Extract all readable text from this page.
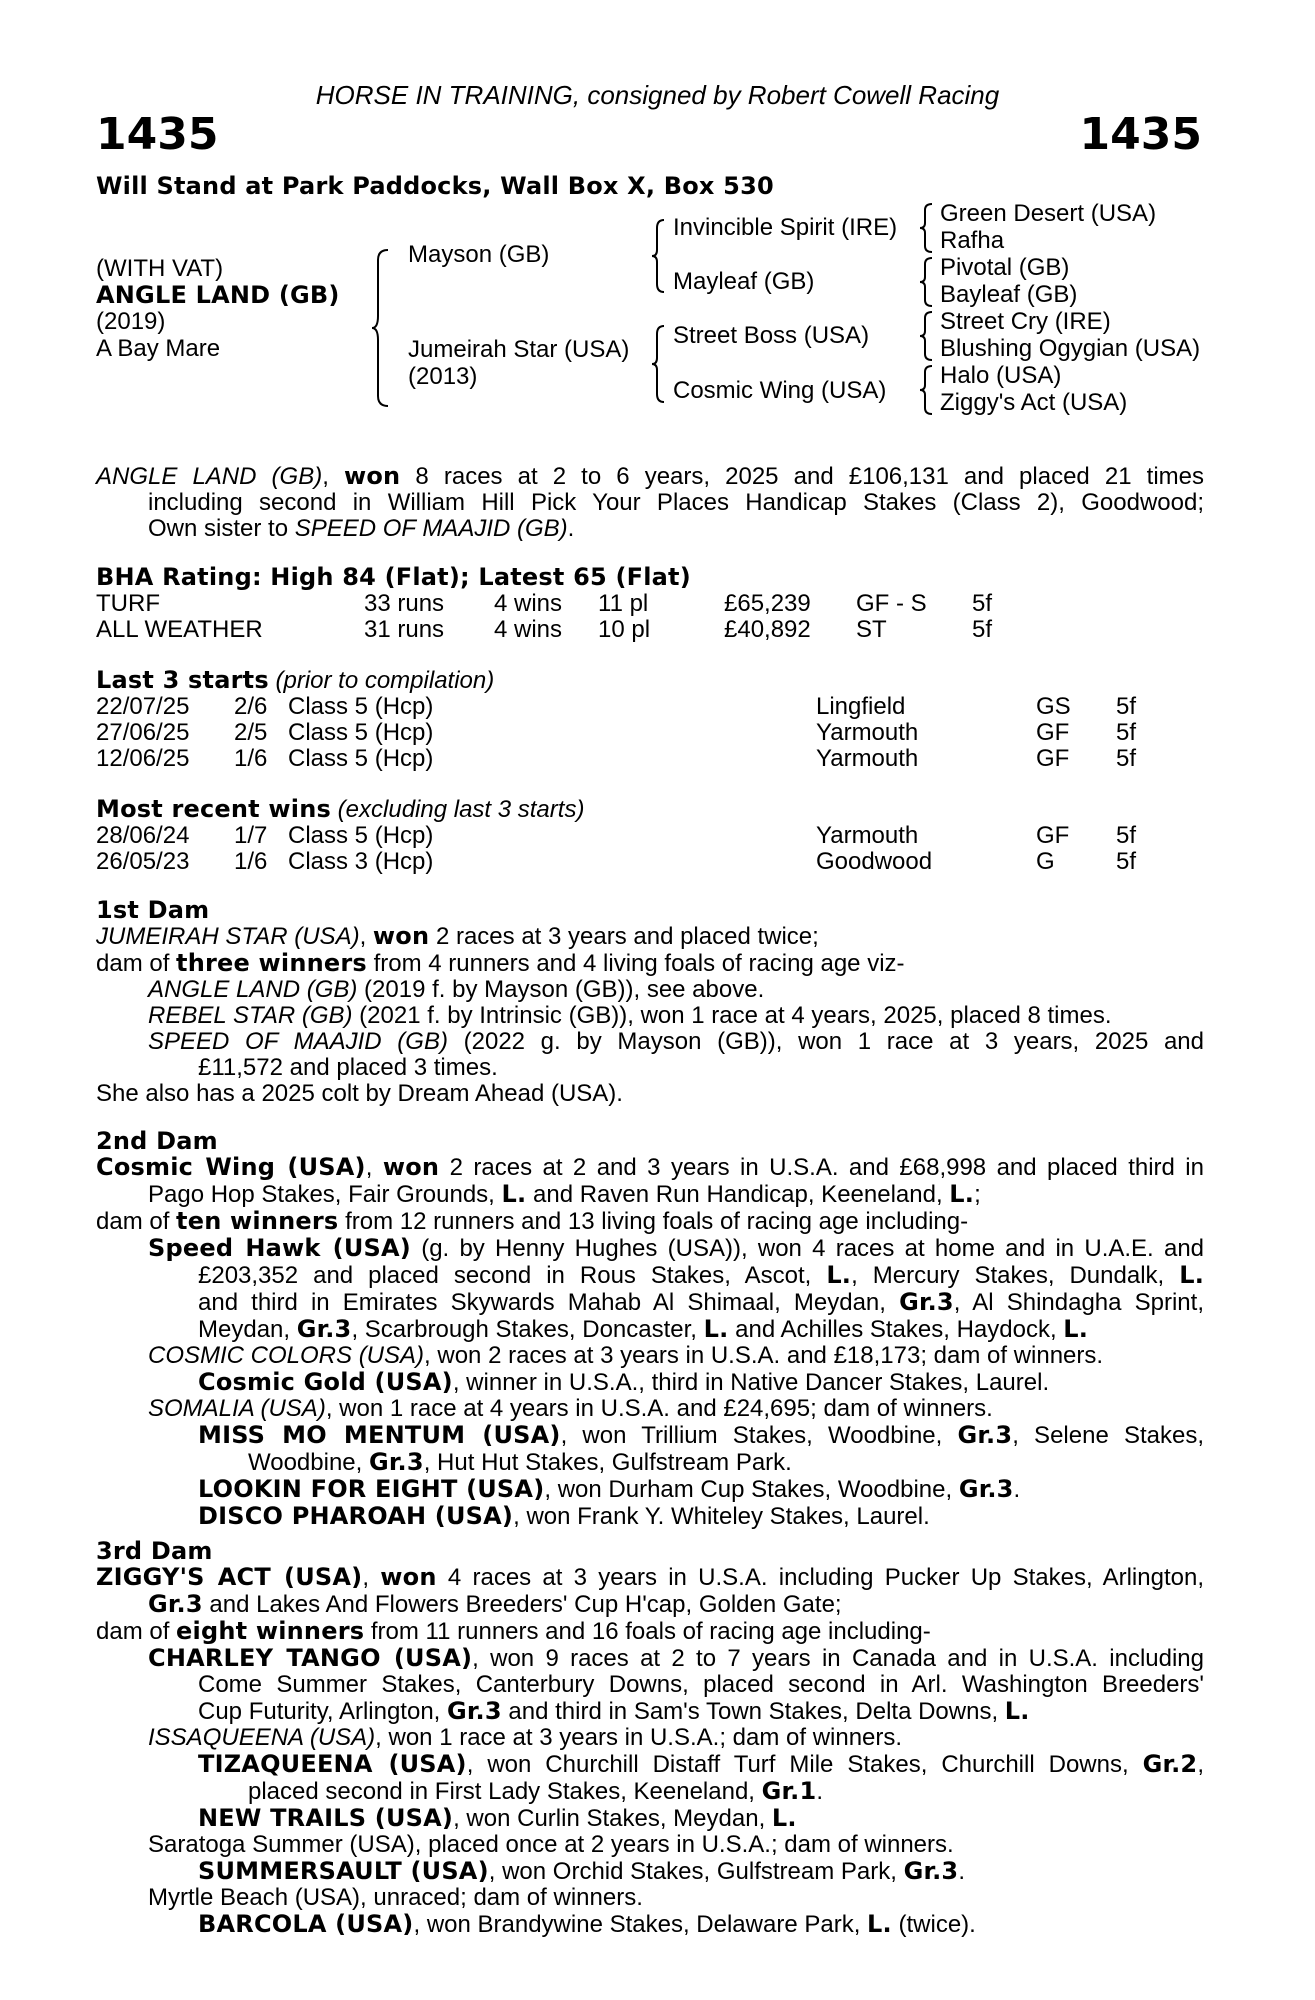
HORSE IN TRAINING, consigned by Robert Cowell Racing
1435	1435
Will Stand at Park Paddocks, Wall Box X, Box 530
(WITH VAT)
ANGLE LAND (GB)
(2019)
A Bay Mare
Mayson (GB)
Jumeirah Star (USA)
(2013)
Invincible Spirit (IRE)
Mayleaf (GB)
Street Boss (USA)
Cosmic Wing (USA)
Green Desert (USA)
Rafha
Pivotal (GB)
Bayleaf (GB)
Street Cry (IRE)
Blushing Ogygian (USA)
Halo (USA)
Ziggy's Act (USA)
ANGLE LAND (GB), won 8 races at 2 to 6 years, 2025 and £106,131 and placed 21 times
including second in William Hill Pick Your Places Handicap Stakes (Class 2), Goodwood;
Own sister to SPEED OF MAAJID (GB).
BHA Rating: High 84 (Flat); Latest 65 (Flat)
TURF	33 runs 4 wins 11 pl	£65,239 GF - S 5f
ALL WEATHER	31 runs 4 wins 10 pl	£40,892 ST	5f
Last 3 starts (prior to compilation)
22/07/25 2/6 Class 5 (Hcp)	Lingfield	GS 5f
27/06/25 2/5 Class 5 (Hcp)	Yarmouth	GF 5f
12/06/25 1/6 Class 5 (Hcp)	Yarmouth	GF 5f
Most recent wins (excluding last 3 starts)
28/06/24 1/7 Class 5 (Hcp)	Yarmouth	GF 5f
26/05/23 1/6 Class 3 (Hcp)	Goodwood	G	5f
1st Dam
JUMEIRAH STAR (USA), won 2 races at 3 years and placed twice;
dam of three winners from 4 runners and 4 living foals of racing age viz-
ANGLE LAND (GB) (2019 f. by Mayson (GB)), see above.
REBEL STAR (GB) (2021 f. by Intrinsic (GB)), won 1 race at 4 years, 2025, placed 8 times.
SPEED OF MAAJID (GB) (2022 g. by Mayson (GB)), won 1 race at 3 years, 2025 and
£11,572 and placed 3 times.
She also has a 2025 colt by Dream Ahead (USA).
2nd Dam
Cosmic Wing (USA), won 2 races at 2 and 3 years in U.S.A. and £68,998 and placed third in
Pago Hop Stakes, Fair Grounds, L. and Raven Run Handicap, Keeneland, L.;
dam of ten winners from 12 runners and 13 living foals of racing age including-
Speed Hawk (USA) (g. by Henny Hughes (USA)), won 4 races at home and in U.A.E. and
£203,352 and placed second in Rous Stakes, Ascot, L., Mercury Stakes, Dundalk, L.
and third in Emirates Skywards Mahab Al Shimaal, Meydan, Gr.3, Al Shindagha Sprint,
Meydan, Gr.3, Scarbrough Stakes, Doncaster, L. and Achilles Stakes, Haydock, L.
COSMIC COLORS (USA), won 2 races at 3 years in U.S.A. and £18,173; dam of winners.
Cosmic Gold (USA), winner in U.S.A., third in Native Dancer Stakes, Laurel.
SOMALIA (USA), won 1 race at 4 years in U.S.A. and £24,695; dam of winners.
MISS MO MENTUM (USA), won Trillium Stakes, Woodbine, Gr.3, Selene Stakes,
Woodbine, Gr.3, Hut Hut Stakes, Gulfstream Park.
LOOKIN FOR EIGHT (USA), won Durham Cup Stakes, Woodbine, Gr.3.
DISCO PHAROAH (USA), won Frank Y. Whiteley Stakes, Laurel.
3rd Dam
ZIGGY'S ACT (USA), won 4 races at 3 years in U.S.A. including Pucker Up Stakes, Arlington,
Gr.3 and Lakes And Flowers Breeders' Cup H'cap, Golden Gate;
dam of eight winners from 11 runners and 16 foals of racing age including-
CHARLEY TANGO (USA), won 9 races at 2 to 7 years in Canada and in U.S.A. including
Come Summer Stakes, Canterbury Downs, placed second in Arl. Washington Breeders'
Cup Futurity, Arlington, Gr.3 and third in Sam's Town Stakes, Delta Downs, L.
ISSAQUEENA (USA), won 1 race at 3 years in U.S.A.; dam of winners.
TIZAQUEENA (USA), won Churchill Distaff Turf Mile Stakes, Churchill Downs, Gr.2,
placed second in First Lady Stakes, Keeneland, Gr.1.
NEW TRAILS (USA), won Curlin Stakes, Meydan, L.
Saratoga Summer (USA), placed once at 2 years in U.S.A.; dam of winners.
SUMMERSAULT (USA), won Orchid Stakes, Gulfstream Park, Gr.3.
Myrtle Beach (USA), unraced; dam of winners.
BARCOLA (USA), won Brandywine Stakes, Delaware Park, L. (twice).
